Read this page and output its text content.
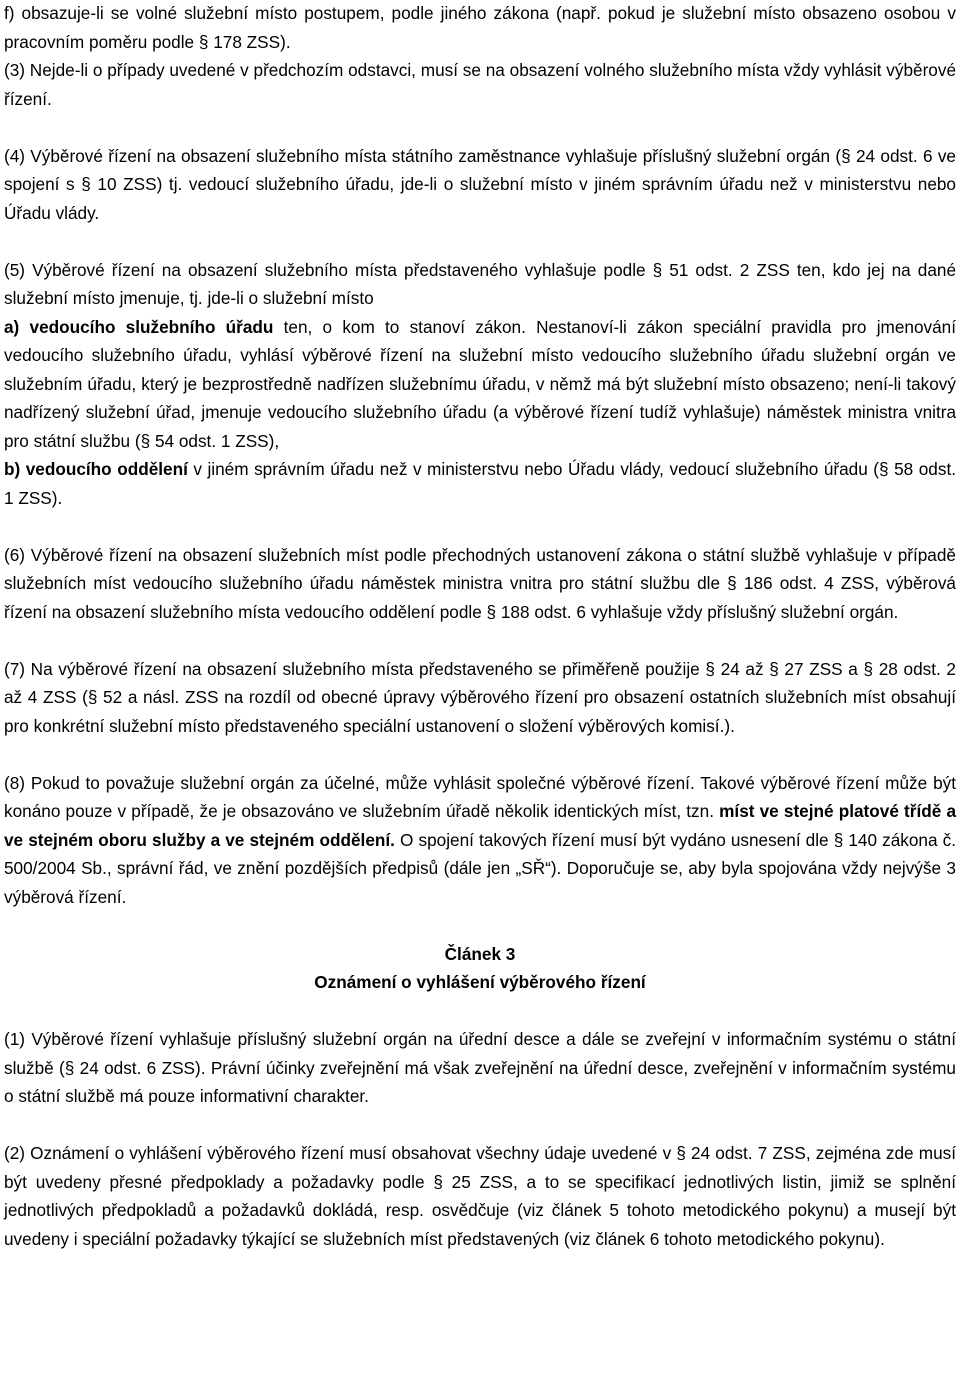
f) obsazuje-li se volné služební místo postupem, podle jiného zákona (např. pokud je služební místo obsazeno osobou v pracovním poměru podle § 178 ZSS).

(3) Nejde-li o případy uvedené v předchozím odstavci, musí se na obsazení volného služebního místa vždy vyhlásit výběrové řízení.

(4) Výběrové řízení na obsazení služebního místa státního zaměstnance vyhlašuje příslušný služební orgán (§ 24 odst. 6 ve spojení s § 10 ZSS) tj. vedoucí služebního úřadu, jde-li o služební místo v jiném správním úřadu než v ministerstvu nebo Úřadu vlády.

(5) Výběrové řízení na obsazení služebního místa představeného vyhlašuje podle § 51 odst. 2 ZSS ten, kdo jej na dané služební místo jmenuje, tj. jde-li o služební místo
a) vedoucího služebního úřadu ten, o kom to stanoví zákon. Nestanoví-li zákon speciální pravidla pro jmenování vedoucího služebního úřadu, vyhlásí výběrové řízení na služební místo vedoucího služebního úřadu služební orgán ve služebním úřadu, který je bezprostředně nadřízen služebnímu úřadu, v němž má být služební místo obsazeno; není-li takový nadřízený služební úřad, jmenuje vedoucího služebního úřadu (a výběrové řízení tudíž vyhlašuje) náměstek ministra vnitra pro státní službu (§ 54 odst. 1 ZSS),
b) vedoucího oddělení v jiném správním úřadu než v ministerstvu nebo Úřadu vlády, vedoucí služebního úřadu (§ 58 odst. 1 ZSS).

(6) Výběrové řízení na obsazení služebních míst podle přechodných ustanovení zákona o státní službě vyhlašuje v případě služebních míst vedoucího služebního úřadu náměstek ministra vnitra pro státní službu dle § 186 odst. 4 ZSS, výběrová řízení na obsazení služebního místa vedoucího oddělení podle § 188 odst. 6 vyhlašuje vždy příslušný služební orgán.

(7) Na výběrové řízení na obsazení služebního místa představeného se přiměřeně použije § 24 až § 27 ZSS a § 28 odst. 2 až 4 ZSS (§ 52 a násl. ZSS na rozdíl od obecné úpravy výběrového řízení pro obsazení ostatních služebních míst obsahují pro konkrétní služební místo představeného speciální ustanovení o složení výběrových komisí.).

(8) Pokud to považuje služební orgán za účelné, může vyhlásit společné výběrové řízení. Takové výběrové řízení může být konáno pouze v případě, že je obsazováno ve služebním úřadě několik identických míst, tzn. míst ve stejné platové třídě a ve stejném oboru služby a ve stejném oddělení. O spojení takových řízení musí být vydáno usnesení dle § 140 zákona č. 500/2004 Sb., správní řád, ve znění pozdějších předpisů (dále jen „SŘ“). Doporučuje se, aby byla spojována vždy nejvýše 3 výběrová řízení.

Článek 3
Oznámení o vyhlášení výběrového řízení

(1) Výběrové řízení vyhlašuje příslušný služební orgán na úřední desce a dále se zveřejní v informačním systému o státní službě (§ 24 odst. 6 ZSS). Právní účinky zveřejnění má však zveřejnění na úřední desce, zveřejnění v informačním systému o státní službě má pouze informativní charakter.

(2) Oznámení o vyhlášení výběrového řízení musí obsahovat všechny údaje uvedené v § 24 odst. 7 ZSS, zejména zde musí být uvedeny přesné předpoklady a požadavky podle § 25 ZSS, a to se specifikací jednotlivých listin, jimiž se splnění jednotlivých předpokladů a požadavků dokládá, resp. osvědčuje (viz článek 5 tohoto metodického pokynu) a musejí být uvedeny i speciální požadavky týkající se služebních míst představených (viz článek 6 tohoto metodického pokynu).
